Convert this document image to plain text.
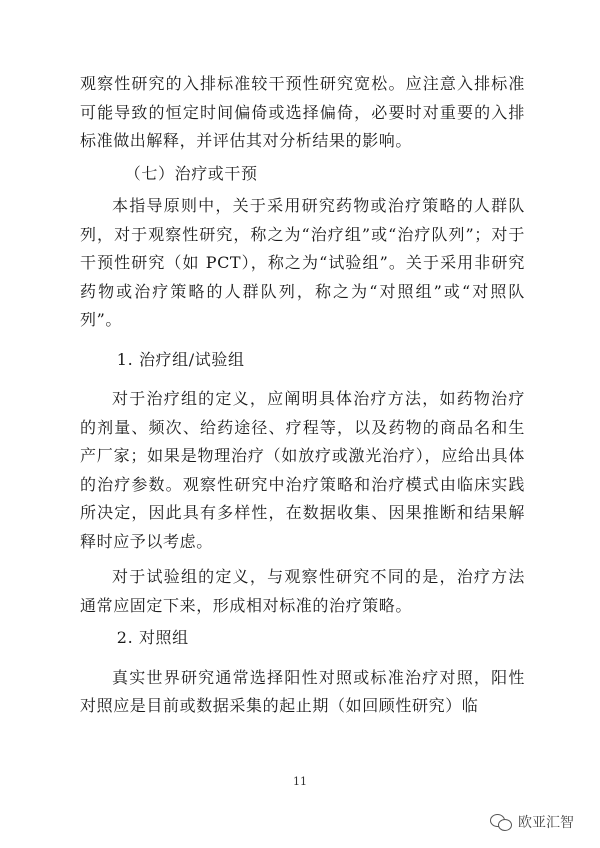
观察性研究的入排标准较干预性研究宽松。应注意入排标准可能导致的恒定时间偏倚或选择偏倚，必要时对重要的入排标准做出解释，并评估其对分析结果的影响。

（七）治疗或干预

本指导原则中，关于采用研究药物或治疗策略的人群队列，对于观察性研究，称之为“治疗组”或“治疗队列”；对于干预性研究（如 PCT），称之为“试验组”。关于采用非研究药物或治疗策略的人群队列，称之为“对照组”或“对照队列”。

1. 治疗组/试验组

对于治疗组的定义，应阐明具体治疗方法，如药物治疗的剂量、频次、给药途径、疗程等，以及药物的商品名和生产厂家；如果是物理治疗（如放疗或激光治疗），应给出具体的治疗参数。观察性研究中治疗策略和治疗模式由临床实践所决定，因此具有多样性，在数据收集、因果推断和结果解释时应予以考虑。

对于试验组的定义，与观察性研究不同的是，治疗方法通常应固定下来，形成相对标准的治疗策略。

2. 对照组

真实世界研究通常选择阳性对照或标准治疗对照，阳性对照应是目前或数据采集的起止期（如回顾性研究）临

11
欧亚汇智
